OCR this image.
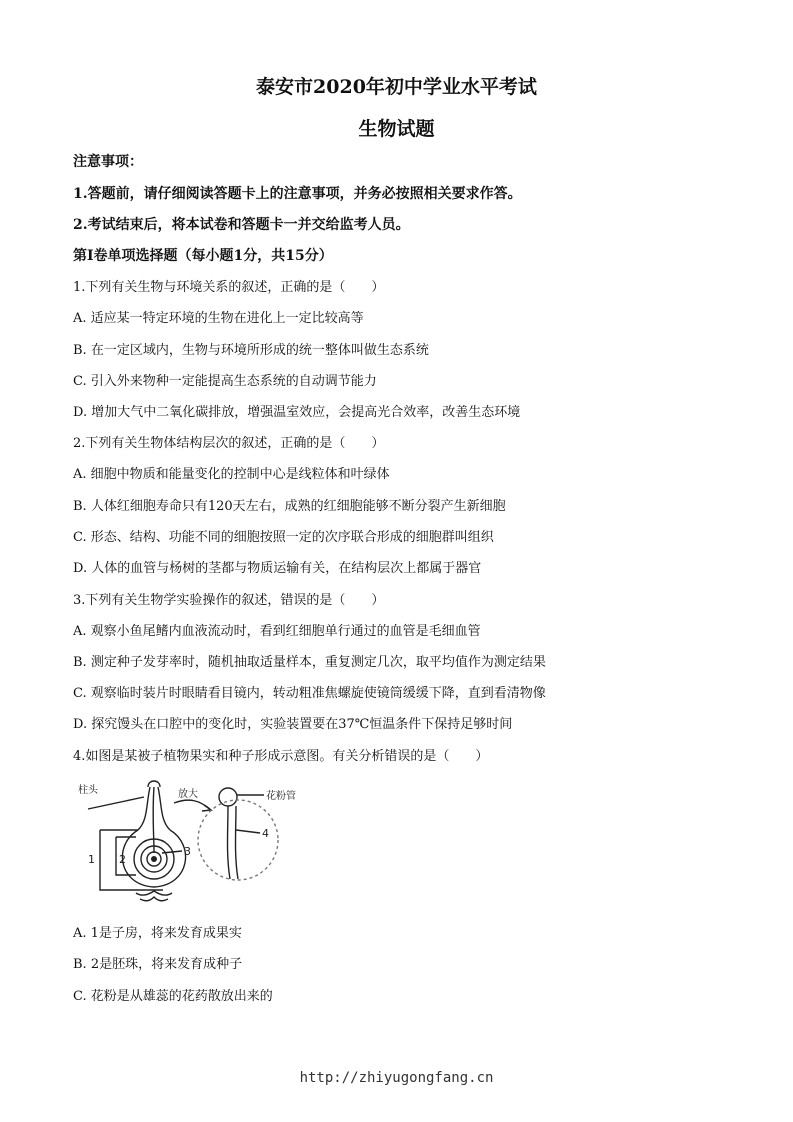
泰安市2020年初中学业水平考试
生物试题
注意事项：
1.答题前，请仔细阅读答题卡上的注意事项，并务必按照相关要求作答。
2.考试结束后，将本试卷和答题卡一并交给监考人员。
第Ⅰ卷单项选择题（每小题1分，共15分）
1.下列有关生物与环境关系的叙述，正确的是（　　）
A. 适应某一特定环境的生物在进化上一定比较高等
B. 在一定区域内，生物与环境所形成的统一整体叫做生态系统
C. 引入外来物种一定能提高生态系统的自动调节能力
D. 增加大气中二氧化碳排放，增强温室效应，会提高光合效率，改善生态环境
2.下列有关生物体结构层次的叙述，正确的是（　　）
A. 细胞中物质和能量变化的控制中心是线粒体和叶绿体
B. 人体红细胞寿命只有120天左右，成熟的红细胞能够不断分裂产生新细胞
C. 形态、结构、功能不同的细胞按照一定的次序联合形成的细胞群叫组织
D. 人体的血管与杨树的茎都与物质运输有关，在结构层次上都属于器官
3.下列有关生物学实验操作的叙述，错误的是（　　）
A. 观察小鱼尾鳍内血液流动时，看到红细胞单行通过的血管是毛细血管
B. 测定种子发芽率时，随机抽取适量样本，重复测定几次，取平均值作为测定结果
C. 观察临时装片时眼睛看目镜内，转动粗准焦螺旋使镜筒缓缓下降，直到看清物像
D. 探究馒头在口腔中的变化时，实验装置要在37℃恒温条件下保持足够时间
4.如图是某被子植物果实和种子形成示意图。有关分析错误的是（　　）
柱头	放大	花粉管
1 2
3
4
A. 1是子房，将来发育成果实
B. 2是胚珠，将来发育成种子
C. 花粉是从雄蕊的花药散放出来的
http://zhiyugongfang.cn
